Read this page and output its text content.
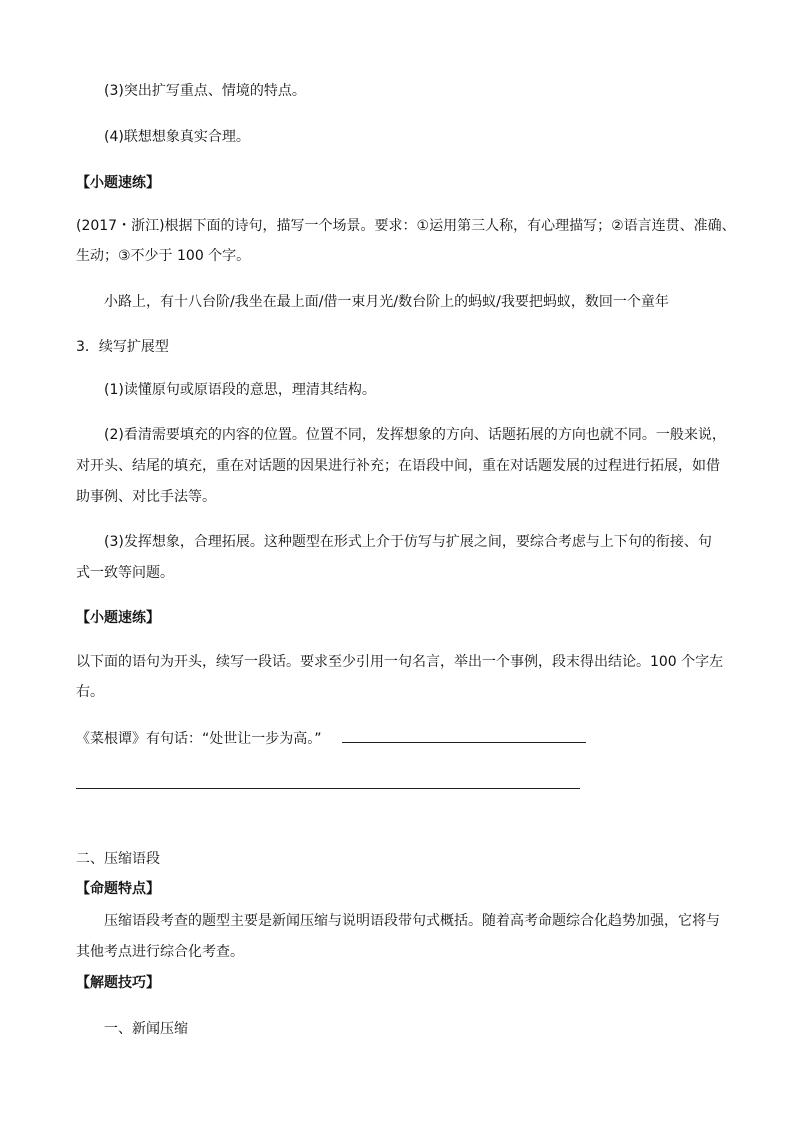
(3)突出扩写重点、情境的特点。
(4)联想想象真实合理。
【小题速练】
(2017・浙江)根据下面的诗句，描写一个场景。要求：①运用第三人称，有心理描写；②语言连贯、准确、
生动；③不少于 100 个字。
小路上，有十八台阶/我坐在最上面/借一束月光/数台阶上的蚂蚁/我要把蚂蚁，数回一个童年
3．续写扩展型
(1)读懂原句或原语段的意思，理清其结构。
(2)看清需要填充的内容的位置。位置不同，发挥想象的方向、话题拓展的方向也就不同。一般来说，
对开头、结尾的填充，重在对话题的因果进行补充；在语段中间，重在对话题发展的过程进行拓展，如借
助事例、对比手法等。
(3)发挥想象，合理拓展。这种题型在形式上介于仿写与扩展之间，要综合考虑与上下句的衔接、句
式一致等问题。
【小题速练】
以下面的语句为开头，续写一段话。要求至少引用一句名言，举出一个事例，段末得出结论。100 个字左
右。
《菜根谭》有句话：“处世让一步为高。”
二、压缩语段
【命题特点】
压缩语段考查的题型主要是新闻压缩与说明语段带句式概括。随着高考命题综合化趋势加强，它将与
其他考点进行综合化考查。
【解题技巧】
一、新闻压缩
